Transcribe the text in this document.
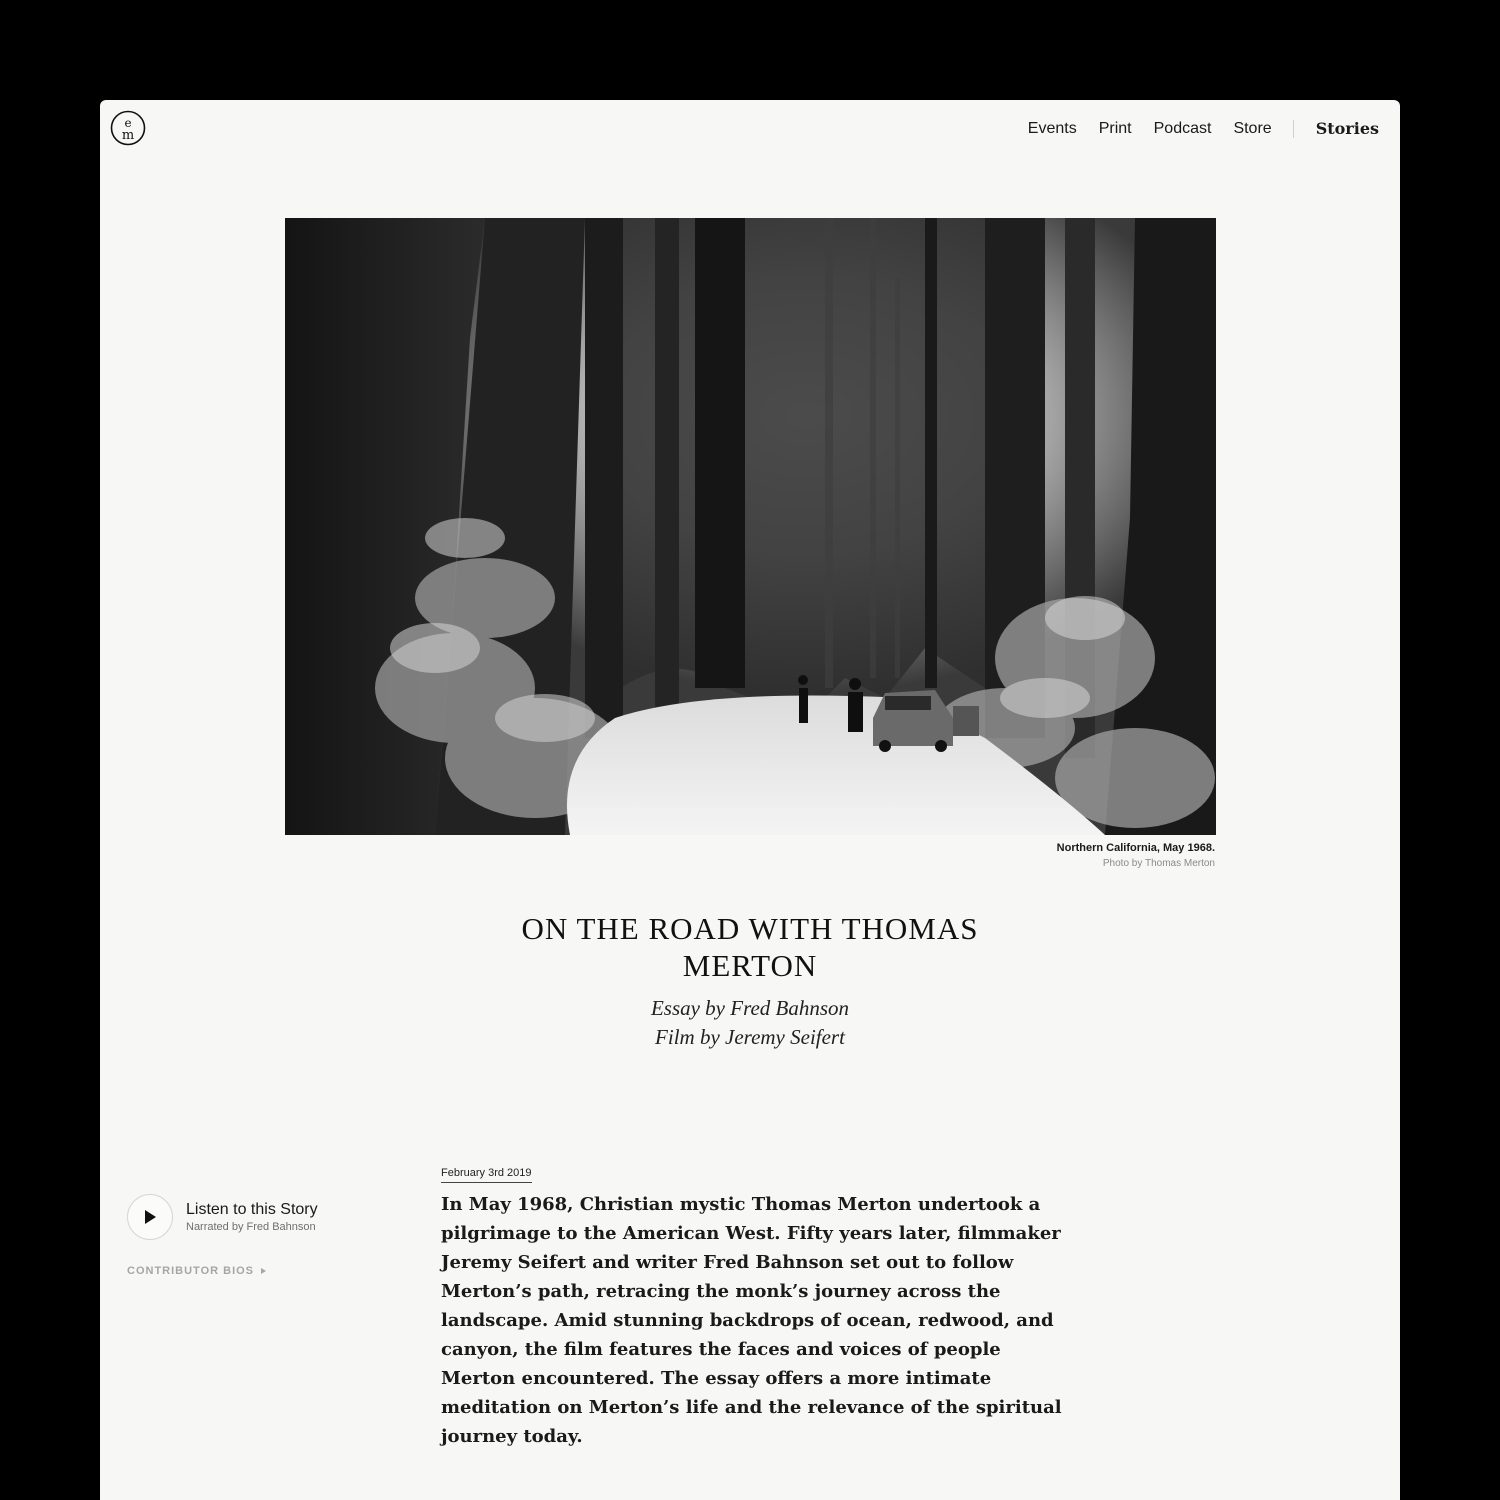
e
m	Events Print Podcast Store	Stories
Northern California, May 1968.
Photo by Thomas Merton
ON THE ROAD WITH THOMAS MERTON
Essay by Fred Bahnson
Film by Jeremy Seifert
Listen to this Story
Narrated by Fred Bahnson
CONTRIBUTOR BIOS
February 3rd 2019

In May 1968, Christian mystic Thomas Merton undertook a pilgrimage to the American West. Fifty years later, filmmaker Jeremy Seifert and writer Fred Bahnson set out to follow Merton’s path, retracing the monk’s journey across the landscape. Amid stunning backdrops of ocean, redwood, and canyon, the film features the faces and voices of people Merton encountered. The essay offers a more intimate meditation on Merton’s life and the relevance of the spiritual journey today.
